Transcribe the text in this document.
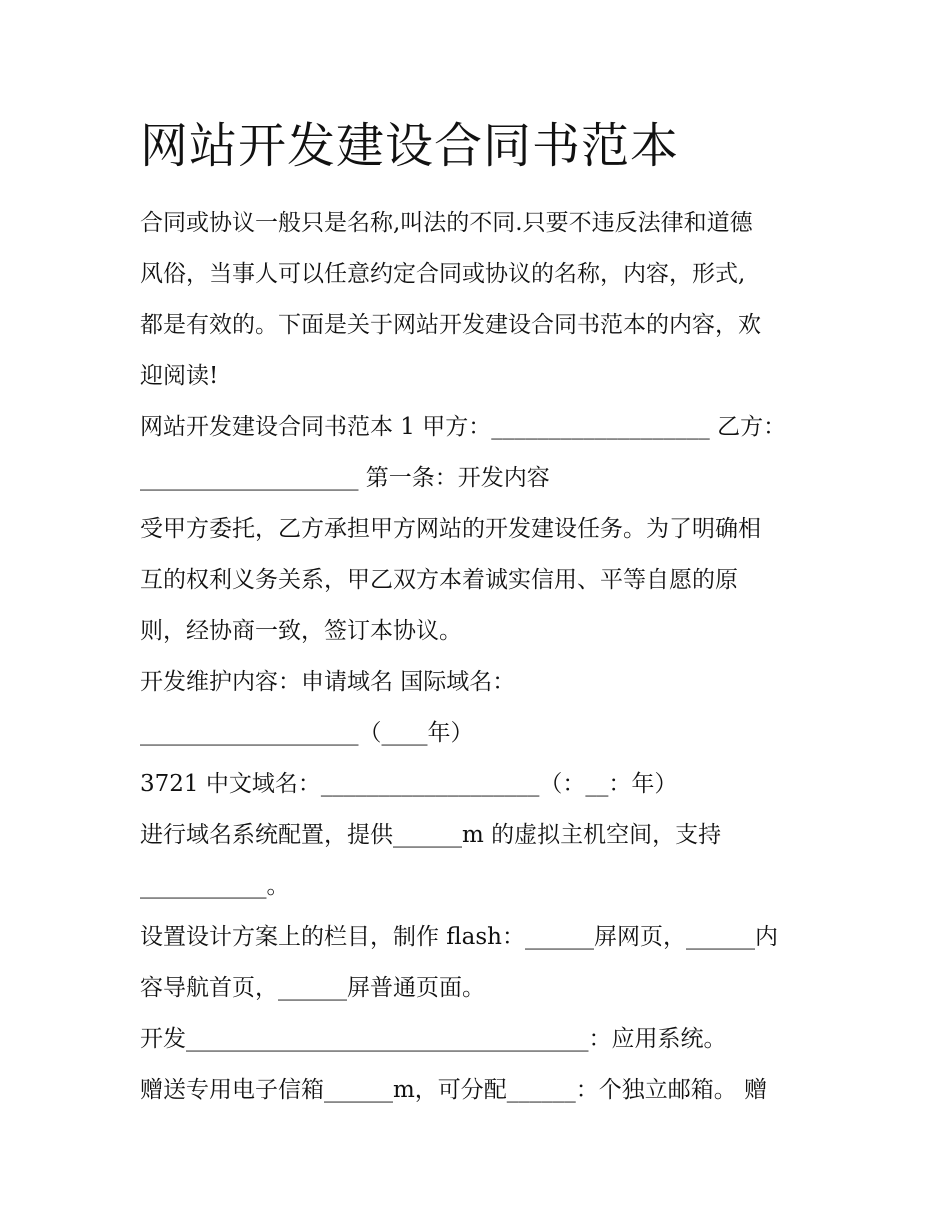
网站开发建设合同书范本
合同或协议一般只是名称,叫法的不同.只要不违反法律和道德
风俗，当事人可以任意约定合同或协议的名称，内容，形式,
都是有效的。下面是关于网站开发建设合同书范本的内容，欢
迎阅读!
网站开发建设合同书范本 1 甲方：___________________ 乙方：
___________________ 第一条：开发内容
受甲方委托，乙方承担甲方网站的开发建设任务。为了明确相
互的权利义务关系，甲乙双方本着诚实信用、平等自愿的原
则，经协商一致，签订本协议。
开发维护内容：申请域名 国际域名：
___________________（____年）
3721 中文域名：___________________（：__：年）
进行域名系统配置，提供______m 的虚拟主机空间，支持
___________。
设置设计方案上的栏目，制作 flash：______屏网页，______内
容导航首页，______屏普通页面。
开发___________________________________：应用系统。
赠送专用电子信箱______m，可分配______：个独立邮箱。 赠
